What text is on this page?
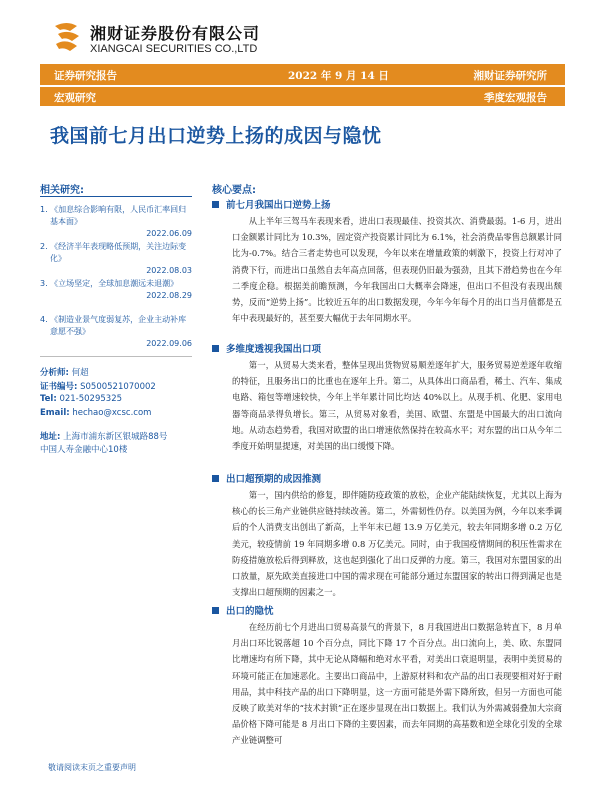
湘财证券股份有限公司
XIANGCAI SECURITIES CO.,LTD
证券研究报告	2022 年 9 月 14 日	湘财证券研究所
宏观研究	季度宏观报告
我国前七月出口逆势上扬的成因与隐忧
相关研究:
1. 《加息综合影响有限，人民币汇率回归基本面》
2022.06.09
2. 《经济半年表现略低预期，关注边际变化》
2022.08.03
3. 《立场坚定，全球加息潮远未退潮》
2022.08.29
4. 《制造业景气度弱复苏，企业主动补库意愿不强》
2022.09.06
分析师: 何超
证书编号: S0500521070002
Tel: 021-50295325
Email: hechao@xcsc.com
地址: 上海市浦东新区银城路88号
中国人寿金融中心10楼
核心要点:
前七月我国出口逆势上扬
从上半年三驾马车表现来看，进出口表现最佳、投资其次、消费最弱。1-6 月，进出口金额累计同比为 10.3%，固定资产投资累计同比为 6.1%，社会消费品零售总额累计同比为-0.7%。结合三者走势也可以发现，今年以来在增量政策的刺激下，投资上行对冲了消费下行，而进出口虽然自去年高点回落，但表现仍旧最为强劲，且其下滑趋势也在今年二季度企稳。根据美前瞻预测，今年我国出口大概率会降速，但出口不但没有表现出颓势，反而“逆势上扬”。比较近五年的出口数据发现，今年今年每个月的出口当月值都是五年中表现最好的，甚至要大幅优于去年同期水平。
多维度透视我国出口项
第一，从贸易大类来看，整体呈现出货物贸易顺差逐年扩大，服务贸易逆差逐年收缩的特征，且服务出口的比重也在逐年上升。第二，从具体出口商品看，稀土、汽车、集成电路、箱包等增速较快，今年上半年累计同比均达 40%以上。从现手机、化肥、家用电器等商品录得负增长。第三，从贸易对象看，美国、欧盟、东盟是中国最大的出口流向地。从动态趋势看，我国对欧盟的出口增速依然保持在较高水平；对东盟的出口从今年二季度开始明显提速，对美国的出口缓慢下降。
出口超预期的成因推测
第一，国内供给的修复，即伴随防疫政策的放松，企业产能陆续恢复，尤其以上海为核心的长三角产业链供应链持续改善。第二，外需韧性仍存。以美国为例，今年以来季调后的个人消费支出创出了新高，上半年末已超 13.9 万亿美元，较去年同期多增 0.2 万亿美元，较疫情前 19 年同期多增 0.8 万亿美元。同时，由于我国疫情期间的积压性需求在防疫措施放松后得到释放，这也起到强化了出口反弹的力度。第三，我国对东盟国家的出口放量，原先欧美直接进口中国的需求现在可能部分通过东盟国家的转出口得到满足也是支撑出口超预期的因素之一。
出口的隐忧
在经历前七个月进出口贸易高景气的背景下，8 月我国进出口数据急转直下，8 月单月出口环比锐落超 10 个百分点，同比下降 17 个百分点。出口流向上，美、欧、东盟同比增速均有所下降，其中无论从降幅和绝对水平看，对美出口衰退明显，表明中美贸易的环境可能正在加速恶化。主要出口商品中，上游原材料和农产品的出口表现要相对好于耐用品，其中科技产品的出口下降明显，这一方面可能是外需下降所致，但另一方面也可能反映了欧美对华的“技术封锁”正在逐步显现在出口数据上。我们认为外需减弱叠加大宗商品价格下降可能是 8 月出口下降的主要因素，而去年同期的高基数和逆全球化引发的全球产业链调整可
敬请阅读末页之重要声明
